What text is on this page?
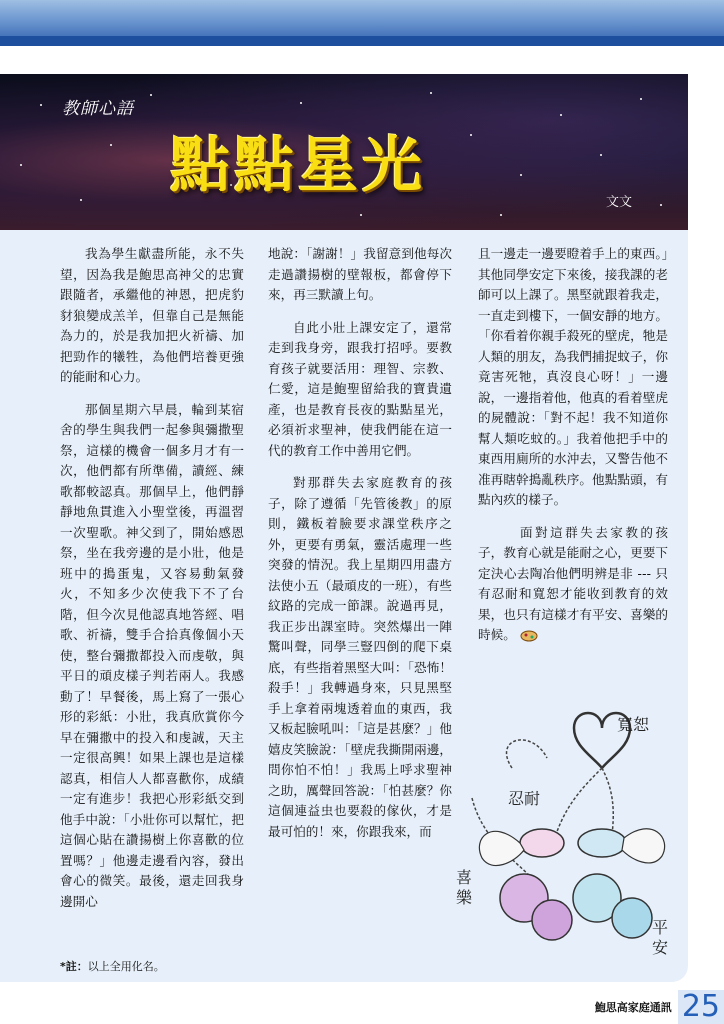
教師心語
點點星光
文文

我為學生獻盡所能，永不失望，因為我是鮑思高神父的忠實跟隨者，承繼他的神恩，把虎豹豺狼變成羔羊，但靠自己是無能為力的，於是我加把火祈禱、加把勁作的犧牲，為他們培養更強的能耐和心力。

那個星期六早晨，輪到某宿舍的學生與我們一起參與彌撒聖祭，這樣的機會一個多月才有一次，他們都有所準備，讀經、練歌都較認真。那個早上，他們靜靜地魚貫進入小聖堂後，再溫習一次聖歌。神父到了，開始感恩祭，坐在我旁邊的是小壯，他是班中的搗蛋鬼，又容易動氣發火，不知多少次使我下不了台階，但今次見他認真地答經、唱歌、祈禱，雙手合拾真像個小天使，整台彌撒都投入而虔敬，與平日的頑皮樣子判若兩人。我感動了！早餐後，馬上寫了一張心形的彩紙：小壯，我真欣賞你今早在彌撒中的投入和虔誠，天主一定很高興！如果上課也是這樣認真，相信人人都喜歡你，成績一定有進步！我把心形彩紙交到他手中說：「小壯你可以幫忙，把這個心貼在讚揚樹上你喜歡的位置嗎？」他邊走邊看內容，發出會心的微笑。最後，還走回我身邊開心

地說：「謝謝！」我留意到他每次走過讚揚樹的壁報板，都會停下來，再三默讀上句。

自此小壯上課安定了，還常走到我身旁，跟我打招呼。要教育孩子就要活用：理智、宗教、仁愛，這是鮑聖留給我的寶貴遺產，也是教育長夜的點點星光，必須祈求聖神，使我們能在這一代的教育工作中善用它們。

對那群失去家庭教育的孩子，除了遵循「先管後教」的原則，鐵板着臉要求課堂秩序之外，更要有勇氣，靈活處理一些突發的情況。我上星期四用盡方法使小五（最頑皮的一班），有些紋路的完成一節課。說過再見，我正步出課室時。突然爆出一陣驚叫聲，同學三豎四倒的爬下桌底，有些指着黑堅大叫：「恐怖！殺手！」我轉過身來，只見黑堅手上拿着兩塊透着血的東西，我又板起臉吼叫：「這是甚麼？」他嬉皮笑臉說：「壁虎我撕開兩邊，問你怕不怕！」我馬上呼求聖神之助，厲聲回答說：「怕甚麼？你這個連益虫也要殺的傢伙，才是最可怕的！來，你跟我來，而

且一邊走一邊要瞪着手上的東西。」其他同學安定下來後，接我課的老師可以上課了。黑堅就跟着我走，一直走到樓下，一個安靜的地方。「你看着你親手殺死的壁虎，牠是人類的朋友，為我們捕捉蚊子，你竟害死牠，真沒良心呀！」一邊說，一邊指着他，他真的看着壁虎的屍體說：「對不起！我不知道你幫人類吃蚊的。」我着他把手中的東西用廁所的水沖去，又警告他不准再瞎幹搗亂秩序。他點點頭，有點內疚的樣子。

面對這群失去家教的孩子，教育心就是能耐之心，更要下定決心去陶冶他們明辨是非 --- 只有忍耐和寬恕才能收到教育的效果，也只有這樣才有平安、喜樂的時候。

寬恕
忍耐
喜樂
平安
*註：以上全用化名。
鮑思高家庭通訊 25
